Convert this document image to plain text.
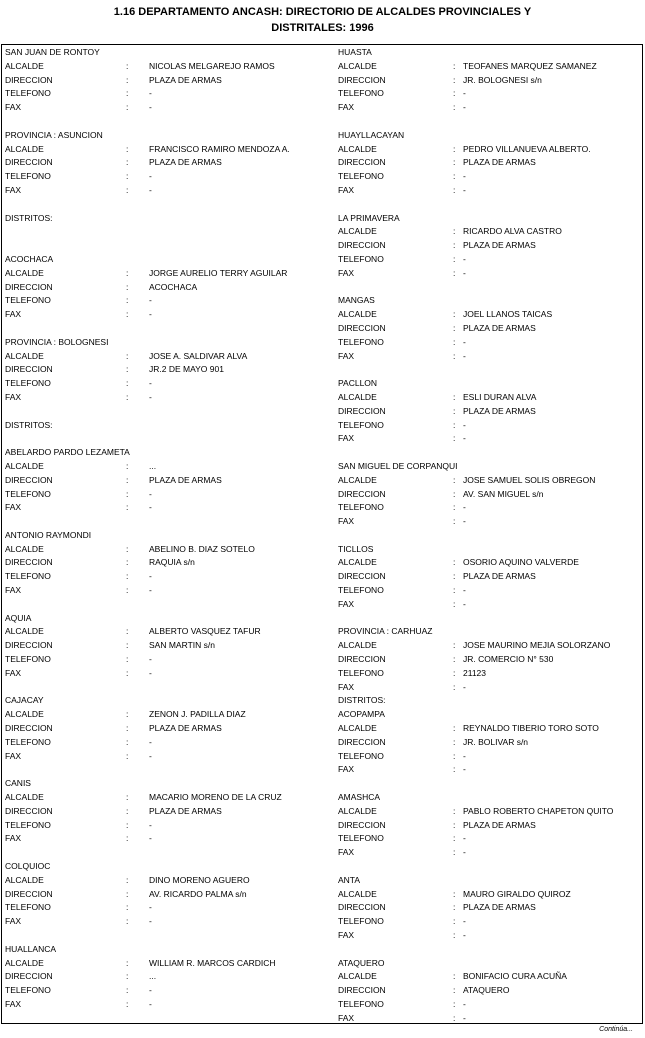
1.16 DEPARTAMENTO ANCASH: DIRECTORIO DE ALCALDES PROVINCIALES Y
DISTRITALES: 1996
SAN JUAN DE RONTOY
ALCALDE	: NICOLAS MELGAREJO RAMOS
DIRECCION	: PLAZA DE ARMAS
TELEFONO	: -
FAX	: -
PROVINCIA : ASUNCION
ALCALDE	: FRANCISCO RAMIRO MENDOZA A.
DIRECCION	: PLAZA DE ARMAS
TELEFONO	: -
FAX	: -
DISTRITOS:
ACOCHACA
ALCALDE	: JORGE AURELIO TERRY AGUILAR
DIRECCION	: ACOCHACA
TELEFONO	: -
FAX	: -
PROVINCIA : BOLOGNESI
ALCALDE	: JOSE A. SALDIVAR ALVA
DIRECCION	: JR.2 DE MAYO 901
TELEFONO	: -
FAX	: -
DISTRITOS:
ABELARDO PARDO LEZAMETA
ALCALDE	: ...
DIRECCION	: PLAZA DE ARMAS
TELEFONO	: -
FAX	: -
ANTONIO RAYMONDI
ALCALDE	: ABELINO B. DIAZ SOTELO
DIRECCION	: RAQUIA s/n
TELEFONO	: -
FAX	: -
AQUIA
ALCALDE	: ALBERTO VASQUEZ TAFUR
DIRECCION	: SAN MARTIN s/n
TELEFONO	: -
FAX	: -
CAJACAY
ALCALDE	: ZENON J. PADILLA DIAZ
DIRECCION	: PLAZA DE ARMAS
TELEFONO	: -
FAX	: -
CANIS
ALCALDE	: MACARIO MORENO DE LA CRUZ
DIRECCION	: PLAZA DE ARMAS
TELEFONO	: -
FAX	: -
COLQUIOC
ALCALDE	: DINO MORENO AGUERO
DIRECCION	: AV. RICARDO PALMA s/n
TELEFONO	: -
FAX	: -
HUALLANCA
ALCALDE	: WILLIAM R. MARCOS CARDICH
DIRECCION	: ...
TELEFONO	: -
FAX	: -
HUASTA
ALCALDE	: TEOFANES MARQUEZ SAMANEZ
DIRECCION	: JR. BOLOGNESI s/n
TELEFONO	: -
FAX	: -
HUAYLLACAYAN
ALCALDE	: PEDRO VILLANUEVA ALBERTO.
DIRECCION	: PLAZA DE ARMAS
TELEFONO	: -
FAX	: -
LA PRIMAVERA
ALCALDE	: RICARDO ALVA CASTRO
DIRECCION	: PLAZA DE ARMAS
TELEFONO	: -
FAX	: -
MANGAS
ALCALDE	: JOEL LLANOS TAICAS
DIRECCION	: PLAZA DE ARMAS
TELEFONO	: -
FAX	: -
PACLLON
ALCALDE	: ESLI DURAN ALVA
DIRECCION	: PLAZA DE ARMAS
TELEFONO	: -
FAX	: -
SAN MIGUEL DE CORPANQUI
ALCALDE	: JOSE SAMUEL SOLIS OBREGON
DIRECCION	: AV. SAN MIGUEL s/n
TELEFONO	: -
FAX	: -
TICLLOS
ALCALDE	: OSORIO AQUINO VALVERDE
DIRECCION	: PLAZA DE ARMAS
TELEFONO	: -
FAX	: -
PROVINCIA : CARHUAZ
ALCALDE	: JOSE MAURINO MEJIA SOLORZANO
DIRECCION	: JR. COMERCIO N° 530
TELEFONO	: 21123
FAX	: -
DISTRITOS:
ACOPAMPA
ALCALDE	: REYNALDO TIBERIO TORO SOTO
DIRECCION	: JR. BOLIVAR s/n
TELEFONO	: -
FAX	: -
AMASHCA
ALCALDE	: PABLO ROBERTO CHAPETON QUITO
DIRECCION	: PLAZA DE ARMAS
TELEFONO	: -
FAX	: -
ANTA
ALCALDE	: MAURO GIRALDO QUIROZ
DIRECCION	: PLAZA DE ARMAS
TELEFONO	: -
FAX	: -
ATAQUERO
ALCALDE	: BONIFACIO CURA ACUÑA
DIRECCION	: ATAQUERO
TELEFONO	: -
FAX	: -
Continúa...
